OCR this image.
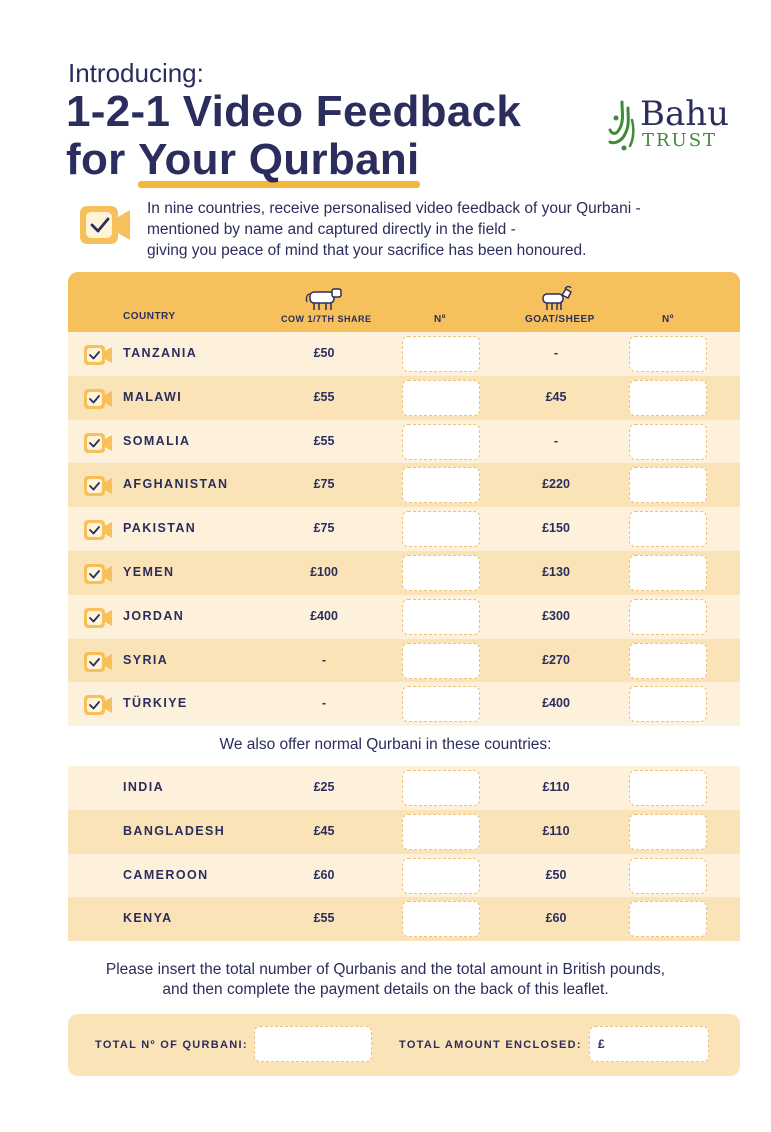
Introducing:
1-2-1 Video Feedback
for Your Qurbani
Bahu
TRUST
In nine countries, receive personalised video feedback of your Qurbani -
mentioned by name and captured directly in the field -
giving you peace of mind that your sacrifice has been honoured.
COUNTRY	COW 1/7TH SHARE	Nº	GOAT/SHEEP	Nº
TANZANIA	£50	-
MALAWI	£55	£45
SOMALIA	£55	-
AFGHANISTAN	£75	£220
PAKISTAN	£75	£150
YEMEN	£100	£130
JORDAN	£400	£300
SYRIA	-	£270
TÜRKIYE	-	£400
We also offer normal Qurbani in these countries:
INDIA	£25	£110
BANGLADESH	£45	£110
CAMEROON	£60	£50
KENYA	£55	£60
Please insert the total number of Qurbanis and the total amount in British pounds,
and then complete the payment details on the back of this leaflet.
TOTAL Nº OF QURBANI:	TOTAL AMOUNT ENCLOSED: £
